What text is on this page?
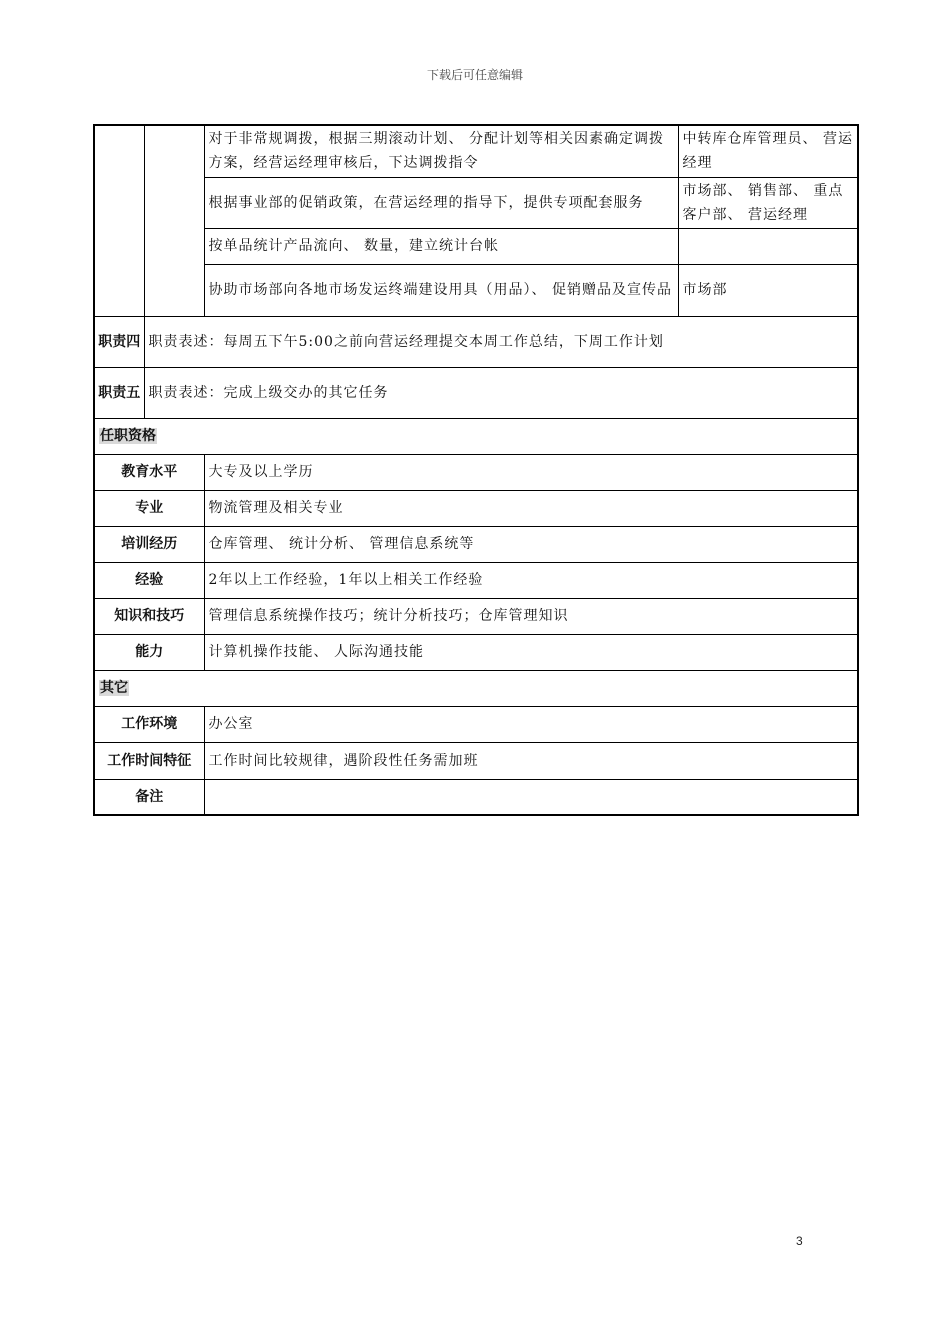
下载后可任意编辑
		对于非常规调拨，根据三期滚动计划、 分配计划等相关因素确定调拨方案，经营运经理审核后，下达调拨指令	中转库仓库管理员、 营运经理
		根据事业部的促销政策，在营运经理的指导下，提供专项配套服务	市场部、 销售部、 重点客户部、 营运经理
		按单品统计产品流向、 数量，建立统计台帐	
		协助市场部向各地市场发运终端建设用具（用品）、 促销赠品及宣传品	市场部
职责四	职责表述：每周五下午5:00之前向营运经理提交本周工作总结，下周工作计划		
职责五	职责表述：完成上级交办的其它任务		
任职资格			
教育水平		大专及以上学历	
专业		物流管理及相关专业	
培训经历		仓库管理、 统计分析、 管理信息系统等	
经验		2年以上工作经验，1年以上相关工作经验	
知识和技巧		管理信息系统操作技巧；统计分析技巧；仓库管理知识	
能力		计算机操作技能、 人际沟通技能	
其它			
工作环境		办公室	
工作时间特征		工作时间比较规律，遇阶段性任务需加班	
备注			
3
